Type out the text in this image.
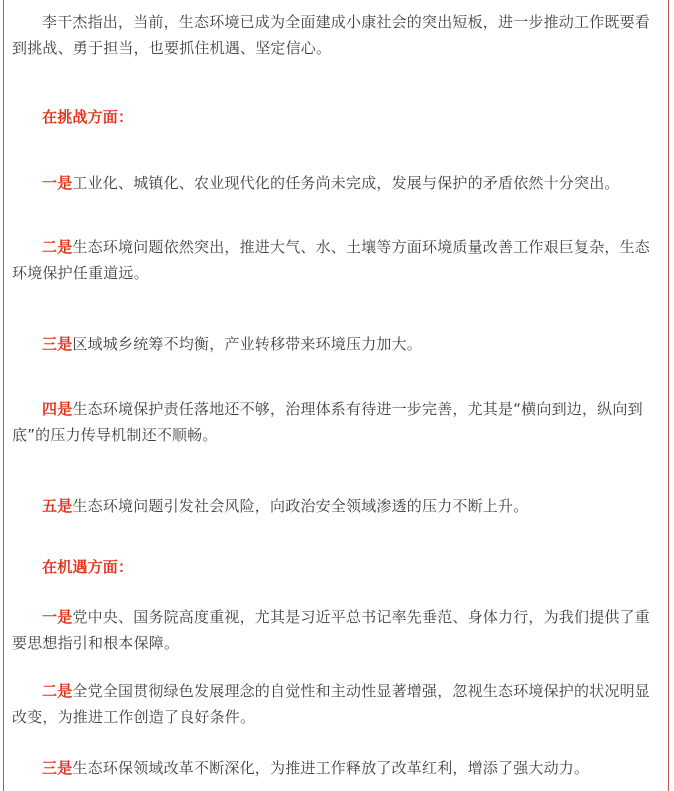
李干杰指出，当前，生态环境已成为全面建成小康社会的突出短板，进一步推动工作既要看到挑战、勇于担当，也要抓住机遇、坚定信心。

在挑战方面：

一是工业化、城镇化、农业现代化的任务尚未完成，发展与保护的矛盾依然十分突出。

二是生态环境问题依然突出，推进大气、水、土壤等方面环境质量改善工作艰巨复杂，生态环境保护任重道远。

三是区域城乡统筹不均衡，产业转移带来环境压力加大。

四是生态环境保护责任落地还不够，治理体系有待进一步完善，尤其是“横向到边，纵向到底”的压力传导机制还不顺畅。

五是生态环境问题引发社会风险，向政治安全领域渗透的压力不断上升。

在机遇方面：

一是党中央、国务院高度重视，尤其是习近平总书记率先垂范、身体力行，为我们提供了重要思想指引和根本保障。

二是全党全国贯彻绿色发展理念的自觉性和主动性显著增强，忽视生态环境保护的状况明显改变，为推进工作创造了良好条件。

三是生态环保领域改革不断深化，为推进工作释放了改革红利，增添了强大动力。
